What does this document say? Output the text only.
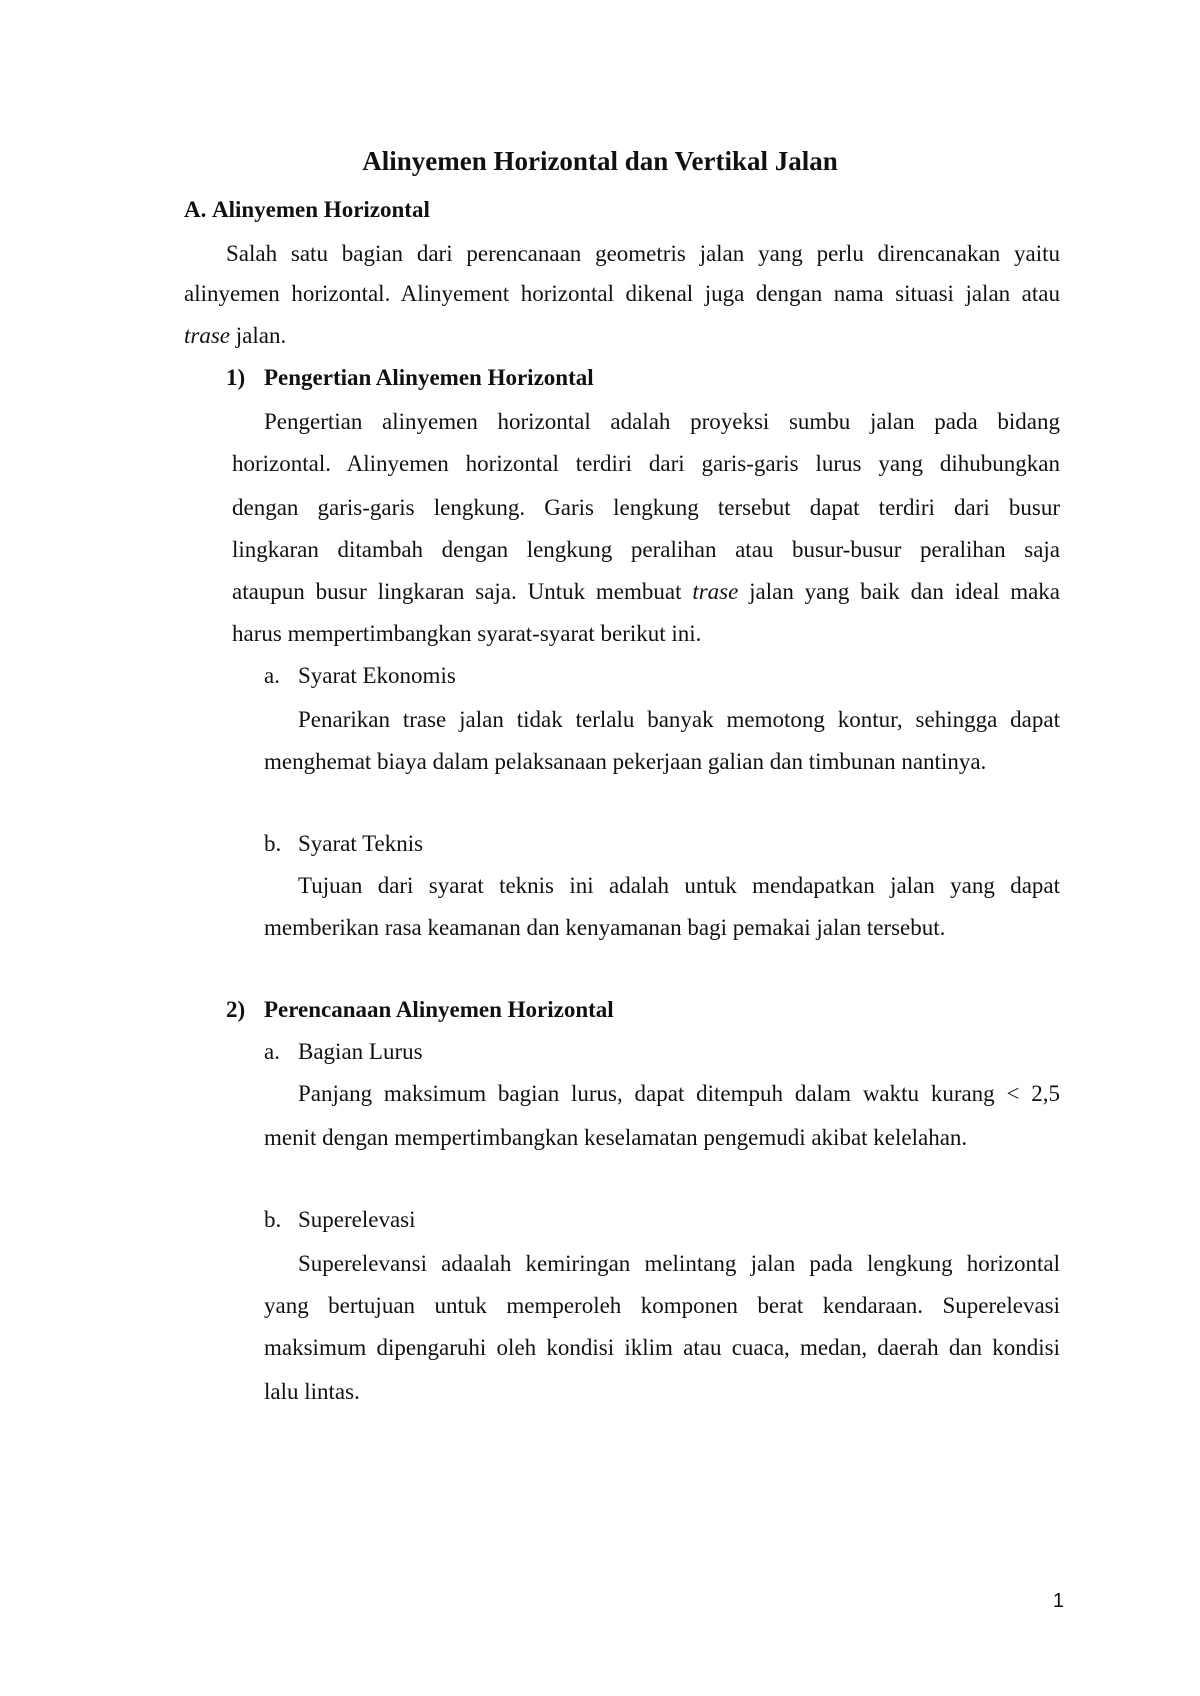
Alinyemen Horizontal dan Vertikal Jalan
A. Alinyemen Horizontal
Salah satu bagian dari perencanaan geometris jalan yang perlu direncanakan yaitu
alinyemen horizontal. Alinyement horizontal dikenal juga dengan nama situasi jalan atau
trase jalan.
1) Pengertian Alinyemen Horizontal
Pengertian alinyemen horizontal adalah proyeksi sumbu jalan pada bidang
horizontal. Alinyemen horizontal terdiri dari garis-garis lurus yang dihubungkan
dengan garis-garis lengkung. Garis lengkung tersebut dapat terdiri dari busur
lingkaran ditambah dengan lengkung peralihan atau busur-busur peralihan saja
ataupun busur lingkaran saja. Untuk membuat trase jalan yang baik dan ideal maka
harus mempertimbangkan syarat-syarat berikut ini.
a. Syarat Ekonomis
Penarikan trase jalan tidak terlalu banyak memotong kontur, sehingga dapat
menghemat biaya dalam pelaksanaan pekerjaan galian dan timbunan nantinya.
b. Syarat Teknis
Tujuan dari syarat teknis ini adalah untuk mendapatkan jalan yang dapat
memberikan rasa keamanan dan kenyamanan bagi pemakai jalan tersebut.
2) Perencanaan Alinyemen Horizontal
a. Bagian Lurus
Panjang maksimum bagian lurus, dapat ditempuh dalam waktu kurang < 2,5
menit dengan mempertimbangkan keselamatan pengemudi akibat kelelahan.
b. Superelevasi
Superelevansi adaalah kemiringan melintang jalan pada lengkung horizontal
yang bertujuan untuk memperoleh komponen berat kendaraan. Superelevasi
maksimum dipengaruhi oleh kondisi iklim atau cuaca, medan, daerah dan kondisi
lalu lintas.
1
